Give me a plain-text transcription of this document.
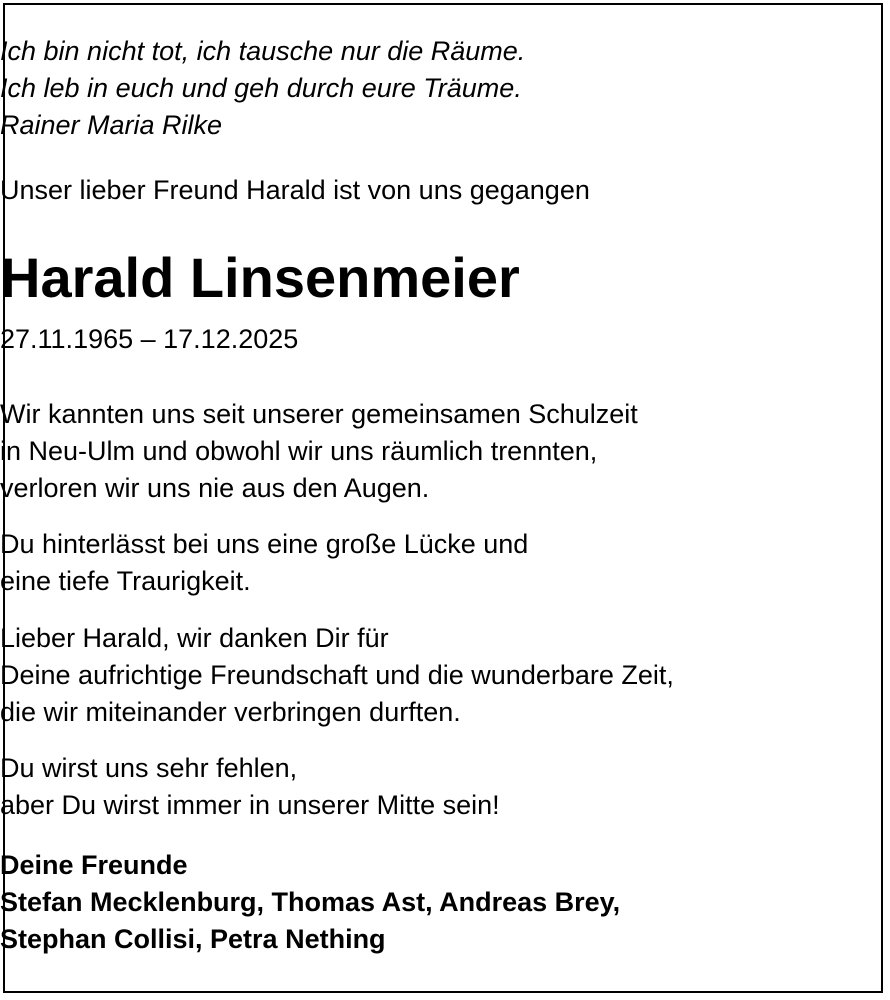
Ich bin nicht tot, ich tausche nur die Räume.
Ich leb in euch und geh durch eure Träume.
Rainer Maria Rilke
Unser lieber Freund Harald ist von uns gegangen
Harald Linsenmeier
27.11.1965 – 17.12.2025
Wir kannten uns seit unserer gemeinsamen Schulzeit
in Neu-Ulm und obwohl wir uns räumlich trennten,
verloren wir uns nie aus den Augen.
Du hinterlässt bei uns eine große Lücke und
eine tiefe Traurigkeit.
Lieber Harald, wir danken Dir für
Deine aufrichtige Freundschaft und die wunderbare Zeit,
die wir miteinander verbringen durften.
Du wirst uns sehr fehlen,
aber Du wirst immer in unserer Mitte sein!
Deine Freunde
Stefan Mecklenburg, Thomas Ast, Andreas Brey,
Stephan Collisi, Petra Nething
